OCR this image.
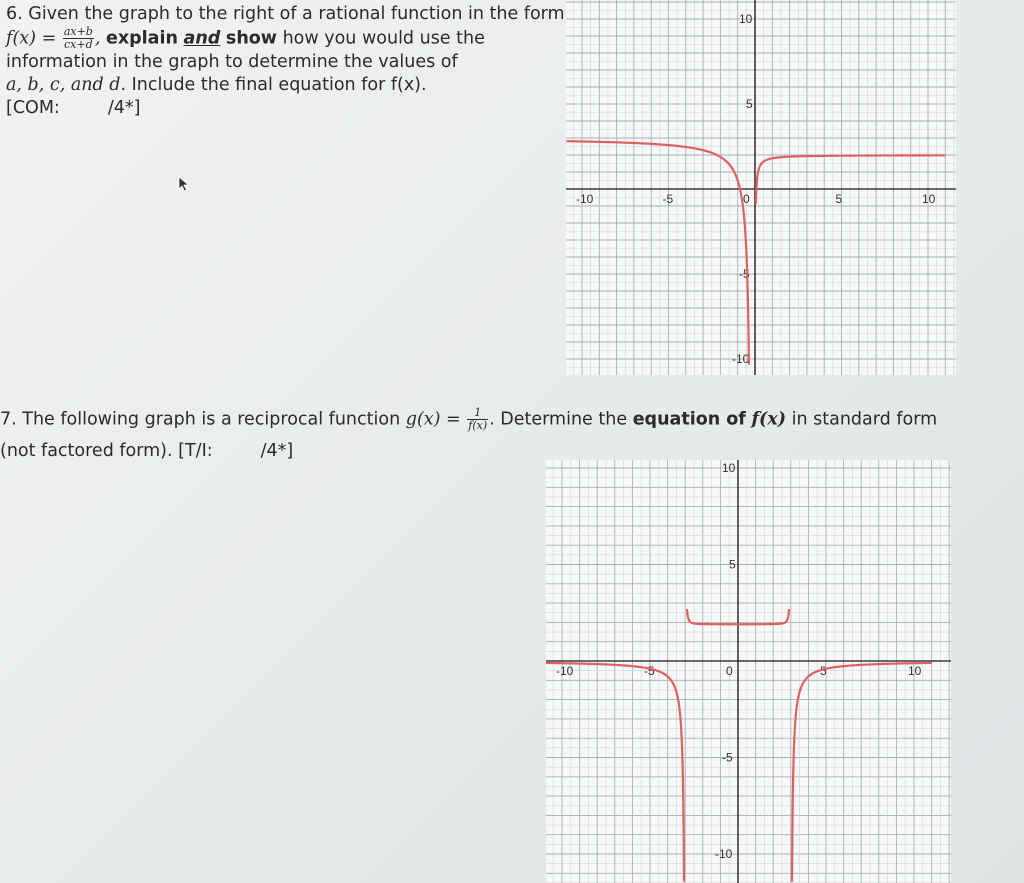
6. Given the graph to the right of a rational function in the form
$f(x) = \frac{ax+b}{cx+d}$ , explain and show how you would use the
information in the graph to determine the values of
a, b, c, and d. Include the final equation for f(x).
[COM:	/4*]
-10	-5	0	5	10
10
5
-5
-10
7. The following graph is a reciprocal function $g(x) = \frac{1}{f(x)}$ . Determine the equation of f(x) in standard form
(not factored form). [T/I:	/4*]
-10	-5	0	5	10
10
5
-5
-10
